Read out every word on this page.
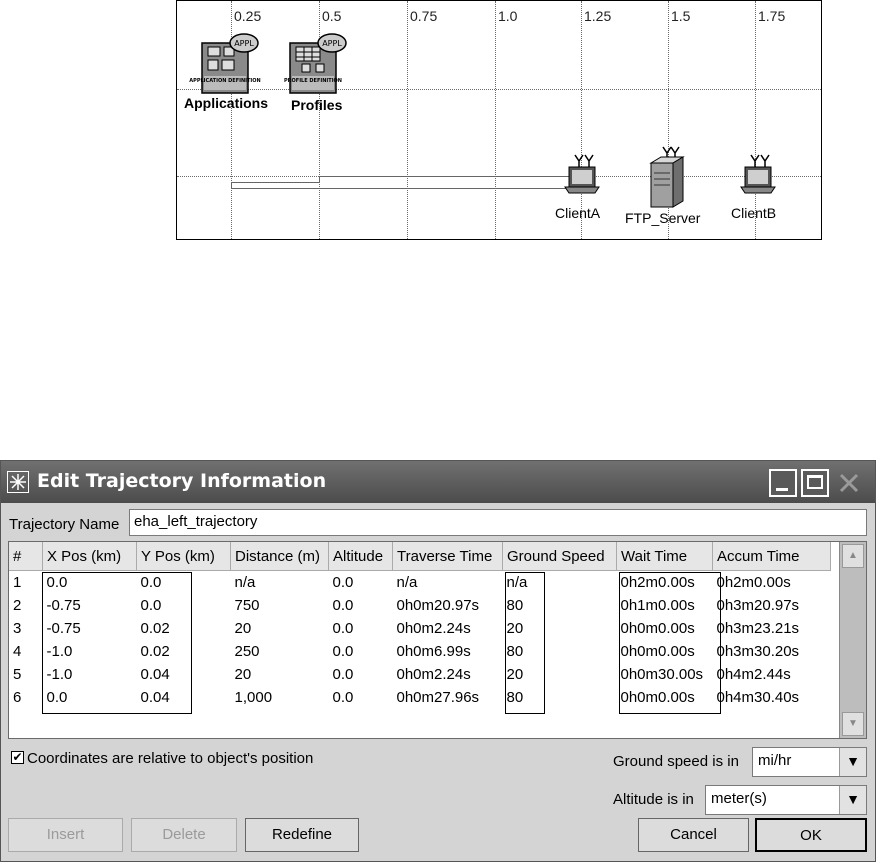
0.25	0.5	0.75	1.0	1.25	1.5	1.75
APPLICATION DEFINITION
APPL
Applications
PROFILE DEFINITION
APPL
Profiles
ClientA FTP_Server ClientB
Edit Trajectory Information
Trajectory Name eha_left_trajectory
#	X Pos (km)	Y Pos (km)	Distance (m)	Altitude	Traverse Time	Ground Speed	Wait Time	Accum Time
1	0.0	0.0	n/a	0.0	n/a	n/a	0h2m0.00s	0h2m0.00s
2	-0.75	0.0	750	0.0	0h0m20.97s	80	0h1m0.00s	0h3m20.97s
3	-0.75	0.02	20	0.0	0h0m2.24s	20	0h0m0.00s	0h3m23.21s
4	-1.0	0.02	250	0.0	0h0m6.99s	80	0h0m0.00s	0h3m30.20s
5	-1.0	0.04	20	0.0	0h0m2.24s	20	0h0m30.00s	0h4m2.44s
6	0.0	0.04	1,000	0.0	0h0m27.96s	80	0h0m0.00s	0h4m30.40s
▲
▼
✔ Coordinates are relative to object's position	Ground speed is in	mi/hr	▼
Altitude is in	meter(s)	▼
Insert	Delete	Redefine	Cancel	OK
